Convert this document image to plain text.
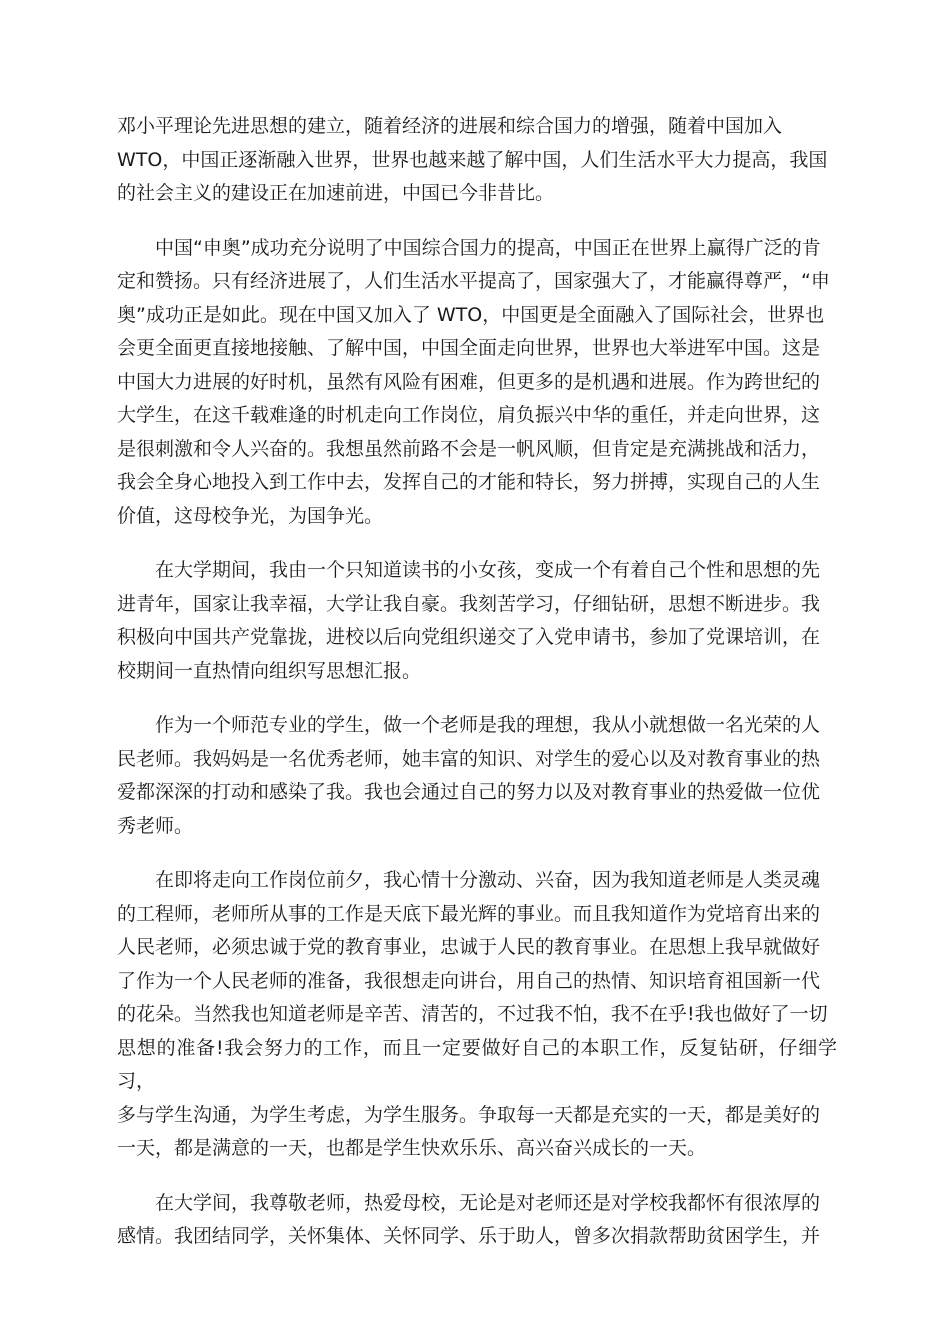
邓小平理论先进思想的建立，随着经济的进展和综合国力的增强，随着中国加入
WTO，中国正逐渐融入世界，世界也越来越了解中国，人们生活水平大力提高，我国
的社会主义的建设正在加速前进，中国已今非昔比。

　　中国“申奥”成功充分说明了中国综合国力的提高，中国正在世界上赢得广泛的肯
定和赞扬。只有经济进展了，人们生活水平提高了，国家强大了，才能赢得尊严，“申
奥”成功正是如此。现在中国又加入了 WTO，中国更是全面融入了国际社会，世界也
会更全面更直接地接触、了解中国，中国全面走向世界，世界也大举进军中国。这是
中国大力进展的好时机，虽然有风险有困难，但更多的是机遇和进展。作为跨世纪的
大学生，在这千载难逢的时机走向工作岗位，肩负振兴中华的重任，并走向世界，这
是很刺激和令人兴奋的。我想虽然前路不会是一帆风顺，但肯定是充满挑战和活力，
我会全身心地投入到工作中去，发挥自己的才能和特长，努力拼搏，实现自己的人生
价值，这母校争光，为国争光。

　　在大学期间，我由一个只知道读书的小女孩，变成一个有着自己个性和思想的先
进青年，国家让我幸福，大学让我自豪。我刻苦学习，仔细钻研，思想不断进步。我
积极向中国共产党靠拢，进校以后向党组织递交了入党申请书，参加了党课培训，在
校期间一直热情向组织写思想汇报。

　　作为一个师范专业的学生，做一个老师是我的理想，我从小就想做一名光荣的人
民老师。我妈妈是一名优秀老师，她丰富的知识、对学生的爱心以及对教育事业的热
爱都深深的打动和感染了我。我也会通过自己的努力以及对教育事业的热爱做一位优
秀老师。

　　在即将走向工作岗位前夕，我心情十分激动、兴奋，因为我知道老师是人类灵魂
的工程师，老师所从事的工作是天底下最光辉的事业。而且我知道作为党培育出来的
人民老师，必须忠诚于党的教育事业，忠诚于人民的教育事业。在思想上我早就做好
了作为一个人民老师的准备，我很想走向讲台，用自己的热情、知识培育祖国新一代
的花朵。当然我也知道老师是辛苦、清苦的，不过我不怕，我不在乎!我也做好了一切
思想的准备!我会努力的工作，而且一定要做好自己的本职工作，反复钻研，仔细学习，
多与学生沟通，为学生考虑，为学生服务。争取每一天都是充实的一天，都是美好的
一天，都是满意的一天，也都是学生快欢乐乐、高兴奋兴成长的一天。

　　在大学间，我尊敬老师，热爱母校，无论是对老师还是对学校我都怀有很浓厚的
感情。我团结同学，关怀集体、关怀同学、乐于助人，曾多次捐款帮助贫困学生，并
